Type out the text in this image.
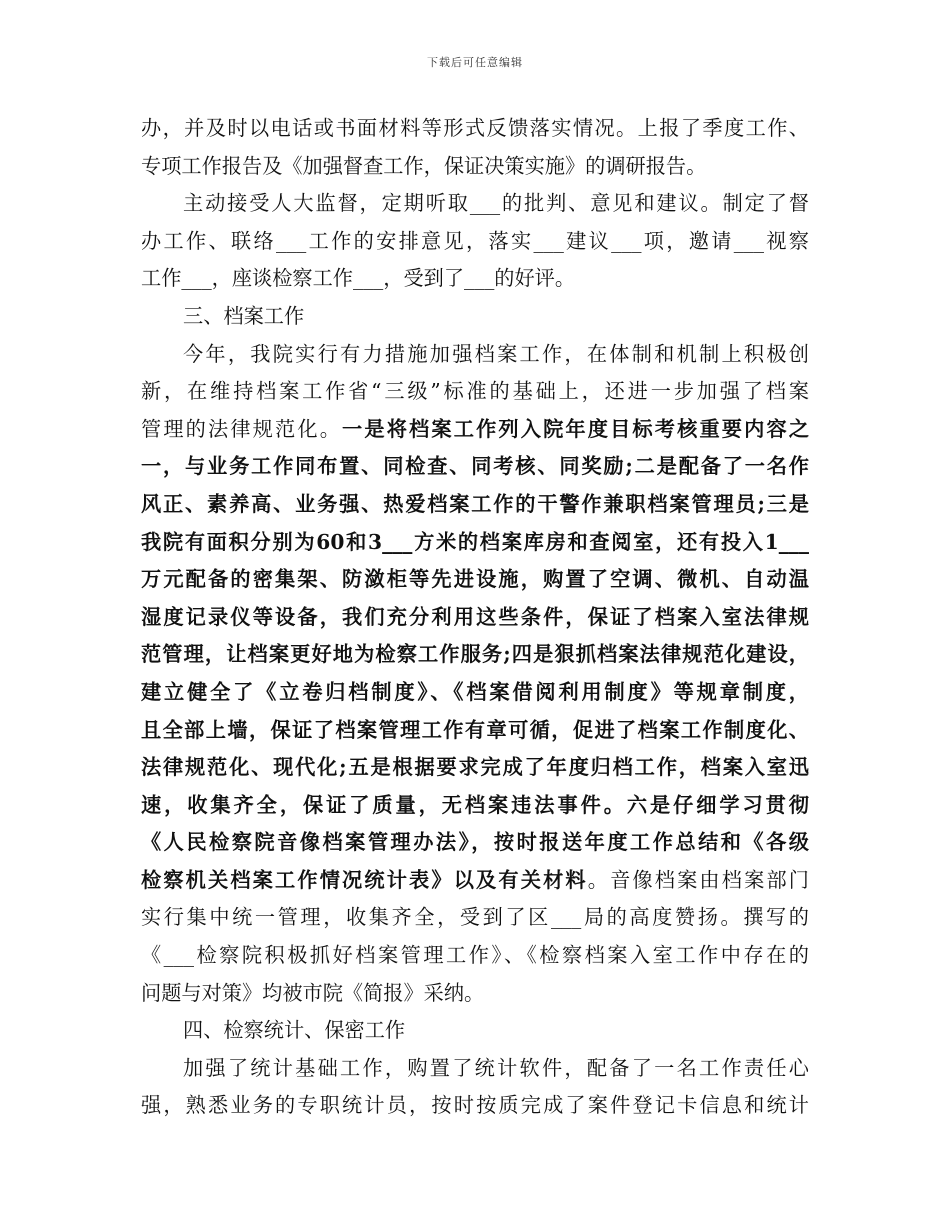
下载后可任意编辑
办，并及时以电话或书面材料等形式反馈落实情况。上报了季度工作、
专项工作报告及《加强督查工作，保证决策实施》的调研报告。
主动接受人大监督，定期听取___的批判、意见和建议。制定了督
办工作、联络___工作的安排意见，落实___建议___项，邀请___视察
工作___，座谈检察工作___，受到了___的好评。
三、档案工作
今年，我院实行有力措施加强档案工作，在体制和机制上积极创
新，在维持档案工作省“三级”标准的基础上，还进一步加强了档案
管理的法律规范化。一是将档案工作列入院年度目标考核重要内容之
一，与业务工作同布置、同检查、同考核、同奖励;二是配备了一名作
风正、素养高、业务强、热爱档案工作的干警作兼职档案管理员;三是
我院有面积分别为60和3___方米的档案库房和查阅室，还有投入1___
万元配备的密集架、防潋柜等先进设施，购置了空调、微机、自动温
湿度记录仪等设备，我们充分利用这些条件，保证了档案入室法律规
范管理，让档案更好地为检察工作服务;四是狠抓档案法律规范化建设，
建立健全了《立卷归档制度》、《档案借阅利用制度》等规章制度，
且全部上墙，保证了档案管理工作有章可循，促进了档案工作制度化、
法律规范化、现代化;五是根据要求完成了年度归档工作，档案入室迅
速，收集齐全，保证了质量，无档案违法事件。六是仔细学习贯彻
《人民检察院音像档案管理办法》，按时报送年度工作总结和《各级
检察机关档案工作情况统计表》以及有关材料。音像档案由档案部门
实行集中统一管理，收集齐全，受到了区___局的高度赞扬。撰写的
《___检察院积极抓好档案管理工作》、《检察档案入室工作中存在的
问题与对策》均被市院《简报》采纳。
四、检察统计、保密工作
加强了统计基础工作，购置了统计软件，配备了一名工作责任心
强，熟悉业务的专职统计员，按时按质完成了案件登记卡信息和统计
